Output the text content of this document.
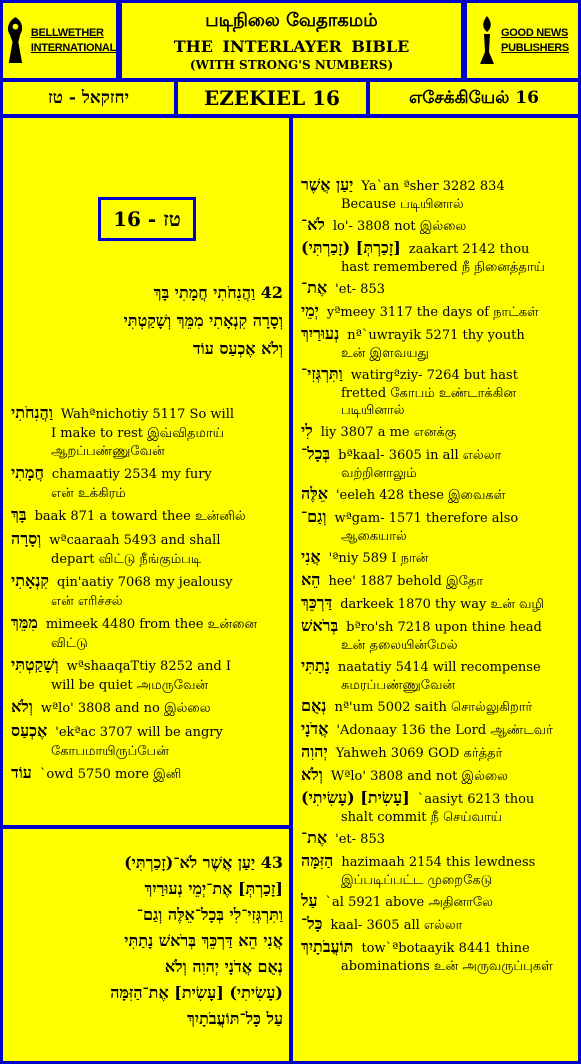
BELLWETHER
INTERNATIONAL
படிநிலை வேதாகமம்
THE INTERLAYER BIBLE
(WITH STRONG'S NUMBERS)
GOOD NEWS
PUBLISHERS
יחזקאל - טז	EZEKIEL 16	எசேக்கியேல் 16
טז - 16
42 וַהֲנִחֹתִי חֲמָתִי בָּךְ
וְסָרָה קִנְאָתִי מִמֵּךְ וְשָׁקַטְתִּי
וְלֹא אֶכְעַס עוֹד
וַהֲנִחֹתִי Wahªnichotiy 5117 So will
I make to rest இவ்விதமாய்
ஆறப்பண்ணுவேன்
חֲמָתִי chamaatiy 2534 my fury
என் உக்கிரம்
בָּךְ baak 871 a toward thee உன்னில்
וְסָרָה wªcaaraah 5493 and shall
depart விட்டு நீங்கும்படி
קִנְאָתִי qin'aatiy 7068 my jealousy
என் எரிச்சல்
מִמֵּךְ mimeek 4480 from thee உன்னை
விட்டு
וְשָׁקַטְתִּי wªshaaqaTtiy 8252 and I
will be quiet அமருவேன்
וְלֹא wªlo' 3808 and no இல்லை
אֶכְעַס 'ekªac 3707 will be angry
கோபமாயிருப்பேன்
עוֹד `owd 5750 more இனி
43 יַעַן אֲשֶׁר לֹא־(זָכַרְתִּי)
[זָכַרְתְּ] אֶת־יְמֵי נְעוּרַיִךְ
וַתִּרְגְּזִי־לִי בְּכָל־אֵלֶּה וְגַם־
אֲנִי הֵא דַּרְכֵּךְ בְּרֹאשׁ נָתַתִּי
נְאֻם אֲדֹנָי יְהוִה וְלֹא
(עָשִׂיתִי) [עָשִׂית] אֶת־הַזִּמָּה
עַל כָּל־תּוֹעֲבֹתָיִךְ
יַעַן אֲשֶׁר Ya`an ªsher 3282 834
Because படியினால்
לֹא־ lo'- 3808 not இல்லை
[זָכַרְתְּ] (זָכַרְתִּי) zaakart 2142 thou
hast remembered நீ நினைத்தாய்
אֶת־ 'et- 853
יְמֵי yªmeey 3117 the days of நாட்கள்
נְעוּרַיִךְ nª`uwrayik 5271 thy youth
உன் இளவயது
וַתִּרְגְּזִי־ watirgªziy- 7264 but hast
fretted கோபம் உண்டாக்கின
படியினால்
לִי liy 3807 a me எனக்கு
בְּכָל־ bªkaal- 3605 in all எல்லா
வற்றினாலும்
אֵלֶּה 'eeleh 428 these இவைகள்
וְגַם־ wªgam- 1571 therefore also
ஆகையால்
אֲנִי 'ªniy 589 I நான்
הֵא hee' 1887 behold இதோ
דַּרְכֵּךְ darkeek 1870 thy way உன் வழி
בְּרֹאשׁ bªro'sh 7218 upon thine head
உன் தலையின்மேல்
נָתַתִּי naatatiy 5414 will recompense
சுமரப்பண்ணுவேன்
נְאֻם nª'um 5002 saith சொல்லுகிறார்
אֲדֹנָי 'Adonaay 136 the Lord ஆண்டவர்
יְהוִה Yahweh 3069 GOD கர்த்தர்
וְלֹא Wªlo' 3808 and not இல்லை
[עָשִׂית] (עָשִׂיתִי) `aasiyt 6213 thou
shalt commit நீ செய்வாய்
אֶת־ 'et- 853
הַזִּמָּה hazimaah 2154 this lewdness
இப்படிப்பட்ட முறைகேடு
עַל `al 5921 above அதினாலே
כָּל־ kaal- 3605 all எல்லா
תּוֹעֲבֹתָיִךְ tow`ªbotaayik 8441 thine
abominations உன் அருவருப்புகள்
